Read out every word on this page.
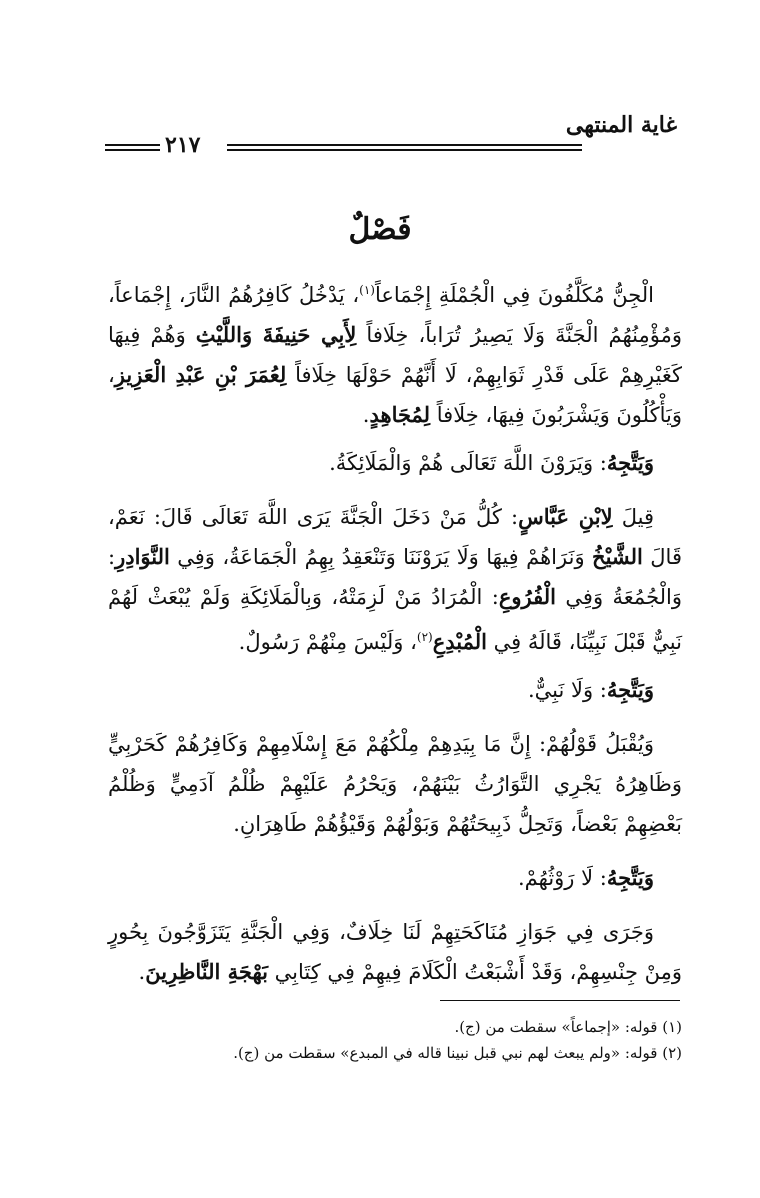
غاية المنتهى
٢١٧
فَصْلٌ

الْجِنُّ مُكَلَّفُونَ فِي الْجُمْلَةِ إِجْمَاعاً$^{(١)}$، يَدْخُلُ كَافِرُهُمُ النَّارَ، إِجْمَاعاً، وَمُؤْمِنُهُمُ الْجَنَّةَ وَلَا يَصِيرُ تُرَاباً، خِلَافاً لِأَبِي حَنِيفَةَ وَاللَّيْثِ وَهُمْ فِيهَا كَغَيْرِهِمْ عَلَى قَدْرِ ثَوَابِهِمْ، لَا أَنَّهُمْ حَوْلَهَا خِلَافاً لِعُمَرَ بْنِ عَبْدِ الْعَزِيزِ، وَيَأْكُلُونَ وَيَشْرَبُونَ فِيهَا، خِلَافاً لِمُجَاهِدٍ.

وَيَتَّجِهُ: وَيَرَوْنَ اللَّهَ تَعَالَى هُمْ وَالْمَلَائِكَةُ.

قِيلَ لِابْنِ عَبَّاسٍ: كُلُّ مَنْ دَخَلَ الْجَنَّةَ يَرَى اللَّهَ تَعَالَى قَالَ: نَعَمْ، قَالَ الشَّيْخُ وَنَرَاهُمْ فِيهَا وَلَا يَرَوْنَنَا وَتَنْعَقِدُ بِهِمُ الْجَمَاعَةُ، وَفِي النَّوَادِرِ: وَالْجُمُعَةُ وَفِي الْفُرُوعِ: الْمُرَادُ مَنْ لَزِمَتْهُ، وَبِالْمَلَائِكَةِ وَلَمْ يُبْعَثْ لَهُمْ نَبِيٌّ قَبْلَ نَبِيِّنَا، قَالَهُ فِي الْمُبْدِعِ$^{(٢)}$، وَلَيْسَ مِنْهُمْ رَسُولٌ.

وَيَتَّجِهُ: وَلَا نَبِيٌّ.

وَيُقْبَلُ قَوْلُهُمْ: إِنَّ مَا بِيَدِهِمْ مِلْكُهُمْ مَعَ إِسْلَامِهِمْ وَكَافِرُهُمْ كَحَرْبِيٍّ وَظَاهِرُهُ يَجْرِي التَّوَارُثُ بَيْنَهُمْ، وَيَحْرُمُ عَلَيْهِمْ ظُلْمُ آدَمِيٍّ وَظُلْمُ بَعْضِهِمْ بَعْضاً، وَتَحِلُّ ذَبِيحَتُهُمْ وَبَوْلُهُمْ وَقَيْؤُهُمْ طَاهِرَانِ.

وَيَتَّجِهُ: لَا رَوْثُهُمْ.

وَجَرَى فِي جَوَازِ مُنَاكَحَتِهِمْ لَنَا خِلَافٌ، وَفِي الْجَنَّةِ يَتَزَوَّجُونَ بِحُورٍ وَمِنْ جِنْسِهِمْ، وَقَدْ أَشْبَعْتُ الْكَلَامَ فِيهِمْ فِي كِتَابِي بَهْجَةِ النَّاظِرِينَ.

(١) قوله: «إجماعاً» سقطت من (ج).

(٢) قوله: «ولم يبعث لهم نبي قبل نبينا قاله في المبدع» سقطت من (ج).
